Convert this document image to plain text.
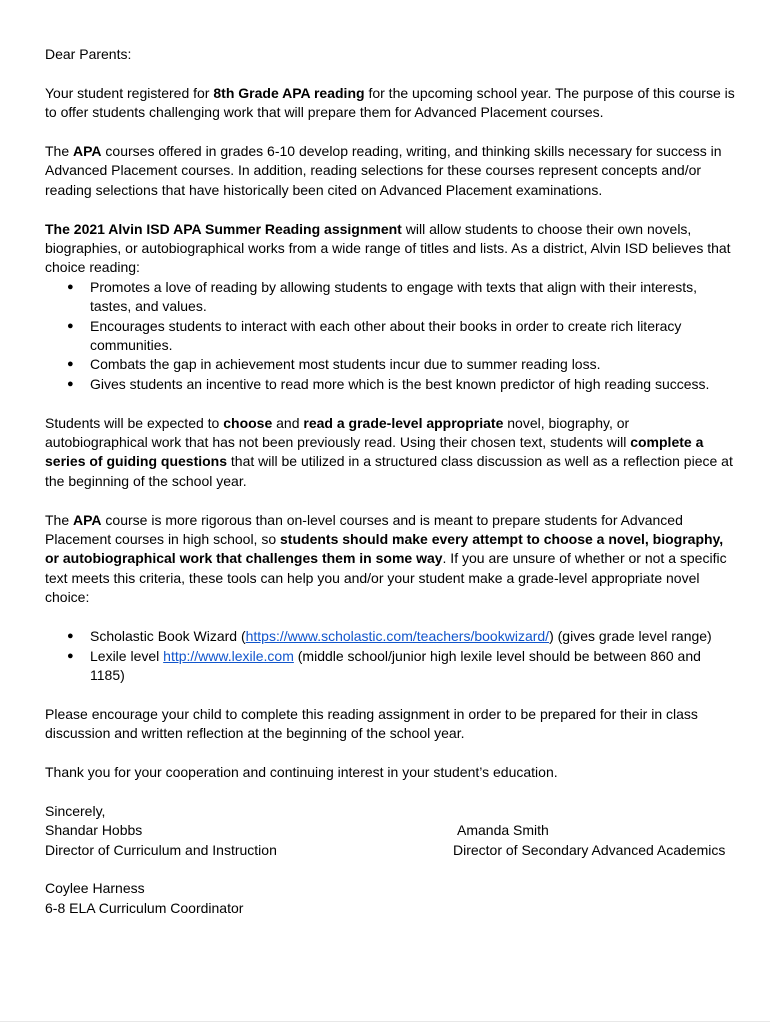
Dear Parents:

Your student registered for 8th Grade APA reading for the upcoming school year. The purpose of this course is to offer students challenging work that will prepare them for Advanced Placement courses.

The APA courses offered in grades 6-10 develop reading, writing, and thinking skills necessary for success in Advanced Placement courses. In addition, reading selections for these courses represent concepts and/or reading selections that have historically been cited on Advanced Placement examinations.

The 2021 Alvin ISD APA Summer Reading assignment will allow students to choose their own novels, biographies, or autobiographical works from a wide range of titles and lists. As a district, Alvin ISD believes that choice reading:
● Promotes a love of reading by allowing students to engage with texts that align with their interests, tastes, and values.
● Encourages students to interact with each other about their books in order to create rich literacy communities.
● Combats the gap in achievement most students incur due to summer reading loss.
● Gives students an incentive to read more which is the best known predictor of high reading success.

Students will be expected to choose and read a grade-level appropriate novel, biography, or autobiographical work that has not been previously read. Using their chosen text, students will complete a series of guiding questions that will be utilized in a structured class discussion as well as a reflection piece at the beginning of the school year.

The APA course is more rigorous than on-level courses and is meant to prepare students for Advanced Placement courses in high school, so students should make every attempt to choose a novel, biography, or autobiographical work that challenges them in some way. If you are unsure of whether or not a specific text meets this criteria, these tools can help you and/or your student make a grade-level appropriate novel choice:

● Scholastic Book Wizard (https://www.scholastic.com/teachers/bookwizard/) (gives grade level range)
● Lexile level http://www.lexile.com (middle school/junior high lexile level should be between 860 and 1185)

Please encourage your child to complete this reading assignment in order to be prepared for their in class discussion and written reflection at the beginning of the school year.

Thank you for your cooperation and continuing interest in your student’s education.

Sincerely,
Shandar Hobbs	Amanda Smith
Director of Curriculum and Instruction	Director of Secondary Advanced Academics
Coylee Harness
6-8 ELA Curriculum Coordinator
